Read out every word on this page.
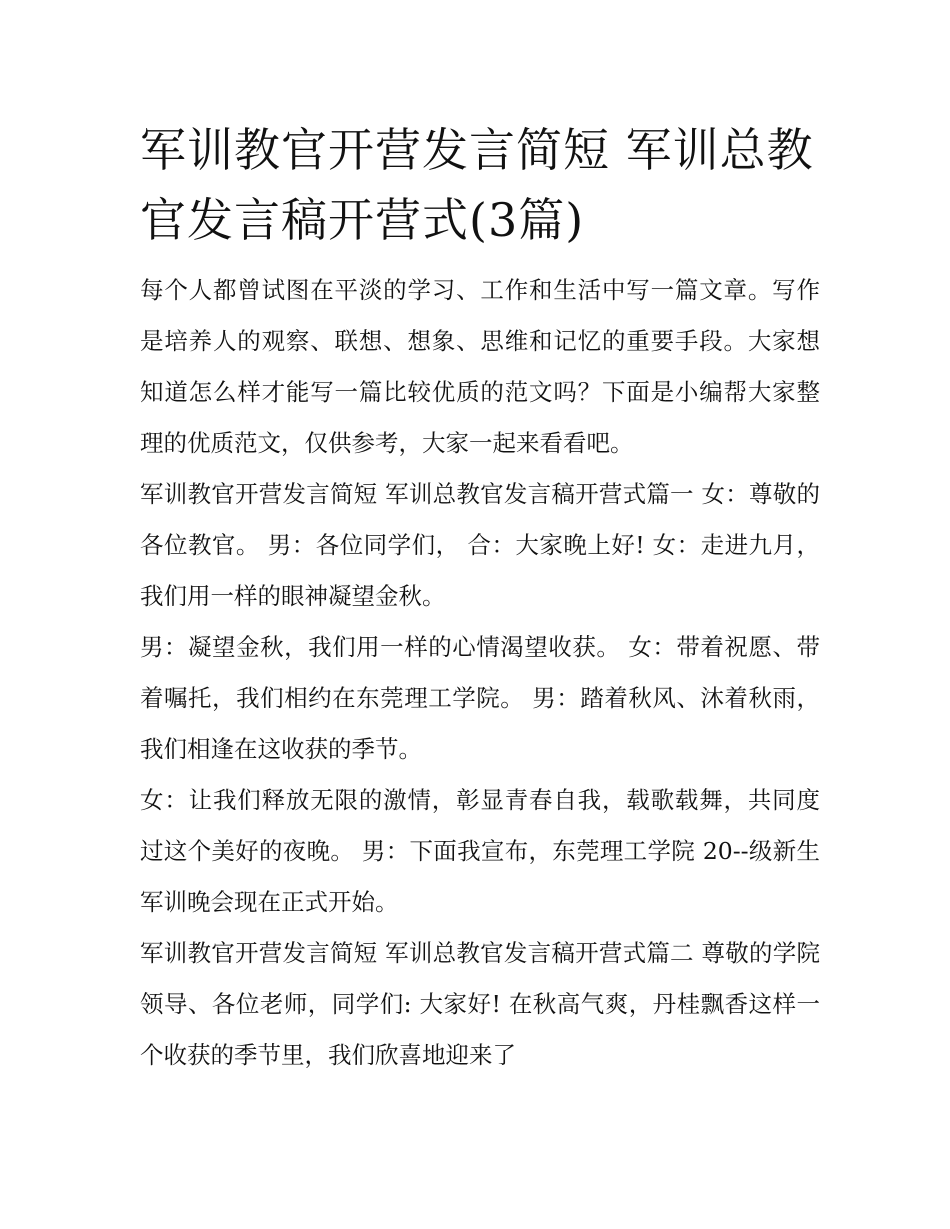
军训教官开营发言简短 军训总教官发言稿开营式(3篇)

每个人都曾试图在平淡的学习、工作和生活中写一篇文章。写作是培养人的观察、联想、想象、思维和记忆的重要手段。大家想知道怎么样才能写一篇比较优质的范文吗？下面是小编帮大家整理的优质范文，仅供参考，大家一起来看看吧。

军训教官开营发言简短 军训总教官发言稿开营式篇一 女：尊敬的各位教官。 男：各位同学们， 合：大家晚上好! 女：走进九月，我们用一样的眼神凝望金秋。

男：凝望金秋，我们用一样的心情渴望收获。 女：带着祝愿、带着嘱托，我们相约在东莞理工学院。 男：踏着秋风、沐着秋雨，我们相逢在这收获的季节。

女：让我们释放无限的激情，彰显青春自我，载歌载舞，共同度过这个美好的夜晚。 男：下面我宣布，东莞理工学院 20--级新生军训晚会现在正式开始。

军训教官开营发言简短 军训总教官发言稿开营式篇二 尊敬的学院领导、各位老师，同学们: 大家好! 在秋高气爽，丹桂飘香这样一个收获的季节里，我们欣喜地迎来了
